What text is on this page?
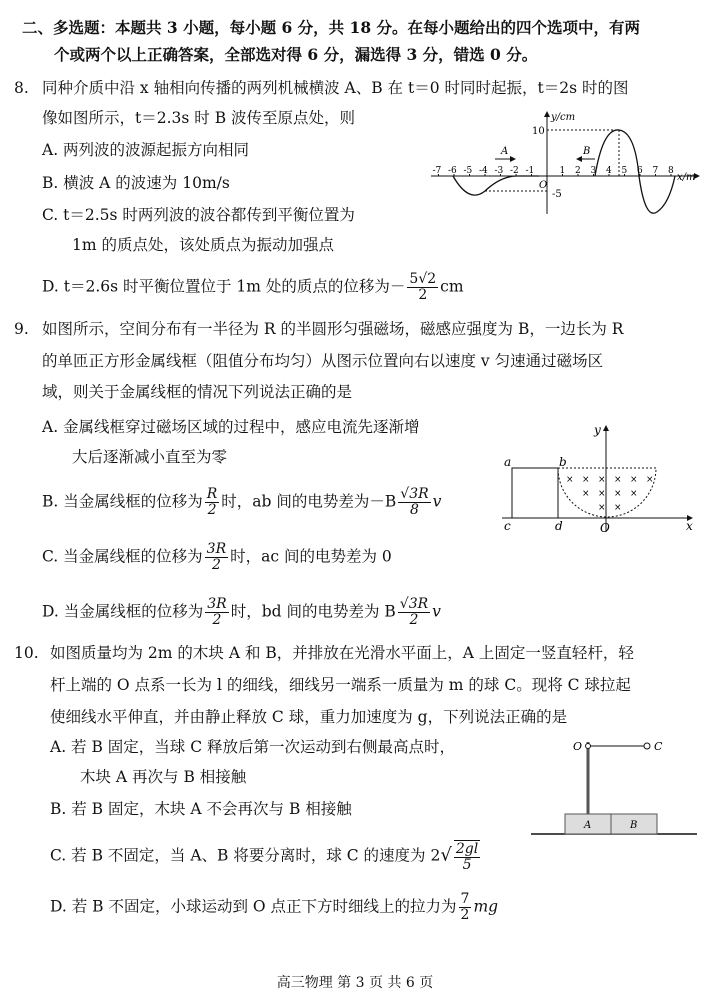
二、多选题：本题共 3 小题，每小题 6 分，共 18 分。在每小题给出的四个选项中，有两
个或两个以上正确答案，全部选对得 6 分，漏选得 3 分，错选 0 分。
8. 同种介质中沿 x 轴相向传播的两列机械横波 A、B 在 t＝0 时同时起振，t＝2s 时的图
像如图所示，t＝2.3s 时 B 波传至原点处，则
A. 两列波的波源起振方向相同
B. 横波 A 的波速为 10m/s
C. t＝2.5s 时两列波的波谷都传到平衡位置为
1m 的质点处，该处质点为振动加强点
D. t＝2.6s 时平衡位置位于 1m 处的质点的位移为－ $\frac{5√2}{2}$ cm
y/cm
x/m
10
-5
A	B
O
-7 -6 -5 -4 -3 -2 -1	1 2 3 4 5 6 7 8
9. 如图所示，空间分布有一半径为 R 的半圆形匀强磁场，磁感应强度为 B，一边长为 R
的单匝正方形金属线框（阻值分布均匀）从图示位置向右以速度 v 匀速通过磁场区
域，则关于金属线框的情况下列说法正确的是
A. 金属线框穿过磁场区域的过程中，感应电流先逐渐增
大后逐渐减小直至为零
B. 当金属线框的位移为 $\frac{R}{2}$ 时，ab 间的电势差为$-B \frac{√3R}{8}$ v
C. 当金属线框的位移为 $\frac{3R}{2}$ 时，ac 间的电势差为 0
D. 当金属线框的位移为 $\frac{3R}{2}$ 时，bd 间的电势差为 B $\frac{√3R}{2}$ v
y
x
× × × × × ×
× × × ×
× ×
a	b
c	d	O
10. 如图质量均为 2m 的木块 A 和 B，并排放在光滑水平面上，A 上固定一竖直轻杆，轻
杆上端的 O 点系一长为 l 的细线，细线另一端系一质量为 m 的球 C。现将 C 球拉起
使细线水平伸直，并由静止释放 C 球，重力加速度为 g，下列说法正确的是
A. 若 B 固定，当球 C 释放后第一次运动到右侧最高点时，
木块 A 再次与 B 相接触
B. 若 B 固定，木块 A 不会再次与 B 相接触
C. 若 B 不固定，当 A、B 将要分离时，球 C 的速度为 $2√ \frac{2gl}{5}$
D. 若 B 不固定，小球运动到 O 点正下方时细线上的拉力为 $\frac{7}{2}$ mg
A	B
O	C
高三物理 第 3 页 共 6 页
